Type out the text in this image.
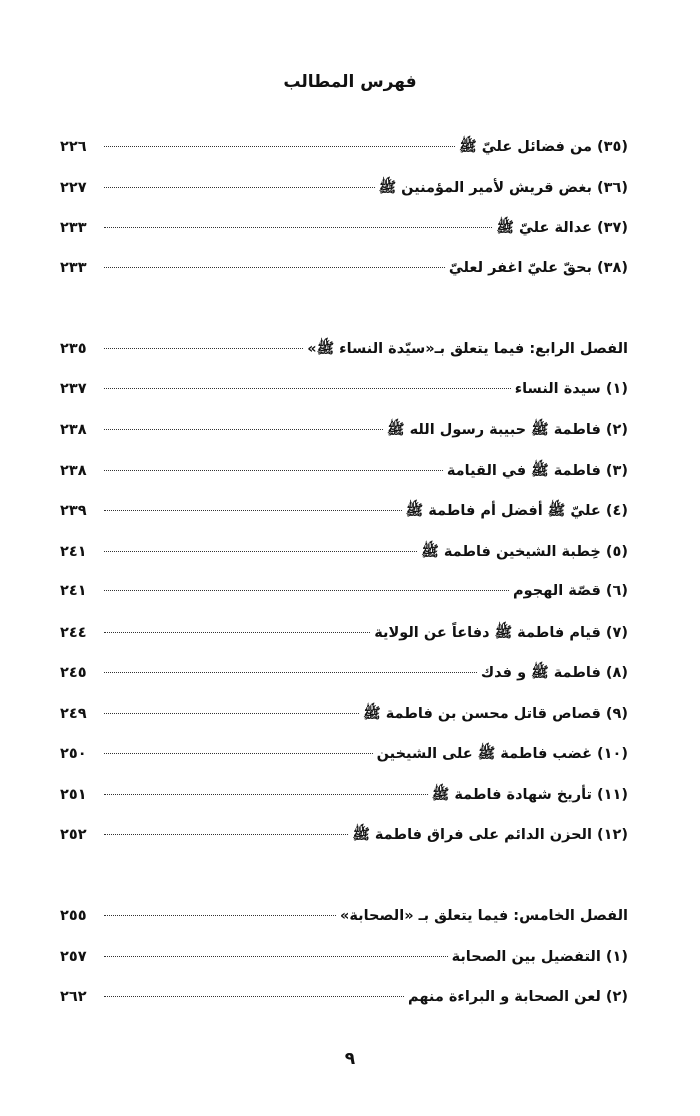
فهرس المطالب
(٣٥) من فضائل عليّ ﷺ
٢٢٦
(٣٦) بغض قريش لأمير المؤمنين ﷺ
٢٢٧
(٣٧) عدالة عليّ ﷺ
٢٣٣
(٣٨) بحقّ عليّ اغفر لعليّ
٢٣٣
الفصل الرابع: فيما يتعلق بـ«سيّدة النساء ﷺ»
٢٣٥
(١) سيدة النساء
٢٣٧
(٢) فاطمة ﷺ حبيبة رسول الله ﷺ
٢٣٨
(٣) فاطمة ﷺ في القيامة
٢٣٨
(٤) عليّ ﷺ أفضل أم فاطمة ﷺ
٢٣٩
(٥) خِطبة الشيخين فاطمة ﷺ
٢٤١
(٦) قصّة الهجوم
٢٤١
(٧) قيام فاطمة ﷺ دفاعاً عن الولاية
٢٤٤
(٨) فاطمة ﷺ و فدك
٢٤٥
(٩) قصاص قاتل محسن بن فاطمة ﷺ
٢٤٩
(١٠) غضب فاطمة ﷺ على الشيخين
٢٥٠
(١١) تأريخ شهادة فاطمة ﷺ
٢٥١
(١٢) الحزن الدائم على فراق فاطمة ﷺ
٢٥٢
الفصل الخامس: فيما يتعلق بـ «الصحابة»
٢٥٥
(١) التفضيل بين الصحابة
٢٥٧
(٢) لعن الصحابة و البراءة منهم
٢٦٢
٩
